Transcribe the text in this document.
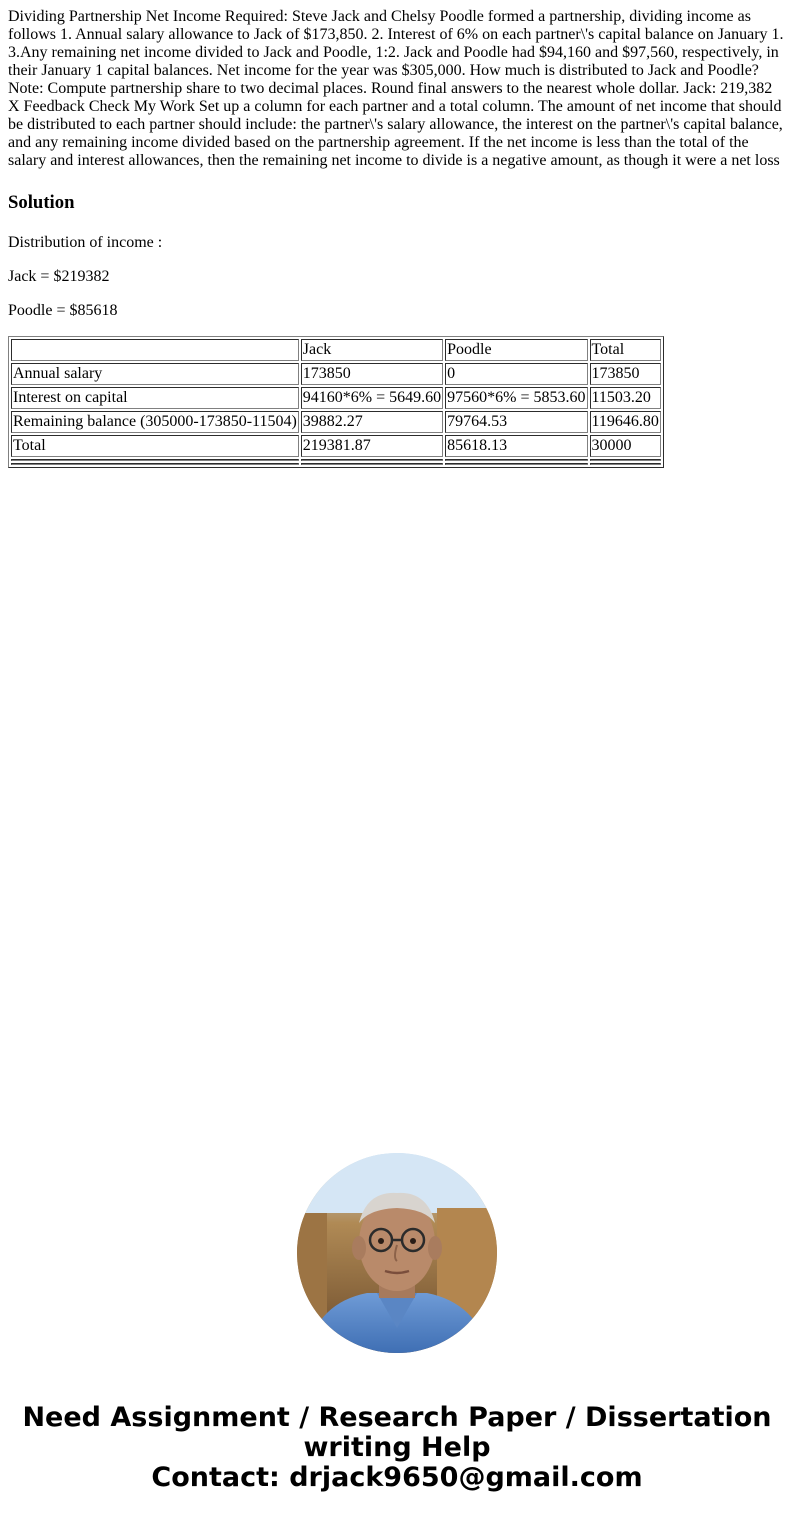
Dividing Partnership Net Income Required: Steve Jack and Chelsy Poodle formed a partnership, dividing income as follows 1. Annual salary allowance to Jack of $173,850. 2. Interest of 6% on each partner\'s capital balance on January 1. 3.Any remaining net income divided to Jack and Poodle, 1:2. Jack and Poodle had $94,160 and $97,560, respectively, in their January 1 capital balances. Net income for the year was $305,000. How much is distributed to Jack and Poodle? Note: Compute partnership share to two decimal places. Round final answers to the nearest whole dollar. Jack: 219,382 X Feedback Check My Work Set up a column for each partner and a total column. The amount of net income that should be distributed to each partner should include: the partner\'s salary allowance, the interest on the partner\'s capital balance, and any remaining income divided based on the partnership agreement. If the net income is less than the total of the salary and interest allowances, then the remaining net income to divide is a negative amount, as though it were a net loss

Solution

Distribution of income :

Jack = $219382

Poodle = $85618

	Jack	Poodle	Total
Annual salary	173850	0	173850
Interest on capital	94160*6% = 5649.60	97560*6% = 5853.60	11503.20
Remaining balance (305000-173850-11504)	39882.27	79764.53	119646.80
Total	219381.87	85618.13	30000

Need Assignment / Research Paper / Dissertation
writing Help
Contact: drjack9650@gmail.com
